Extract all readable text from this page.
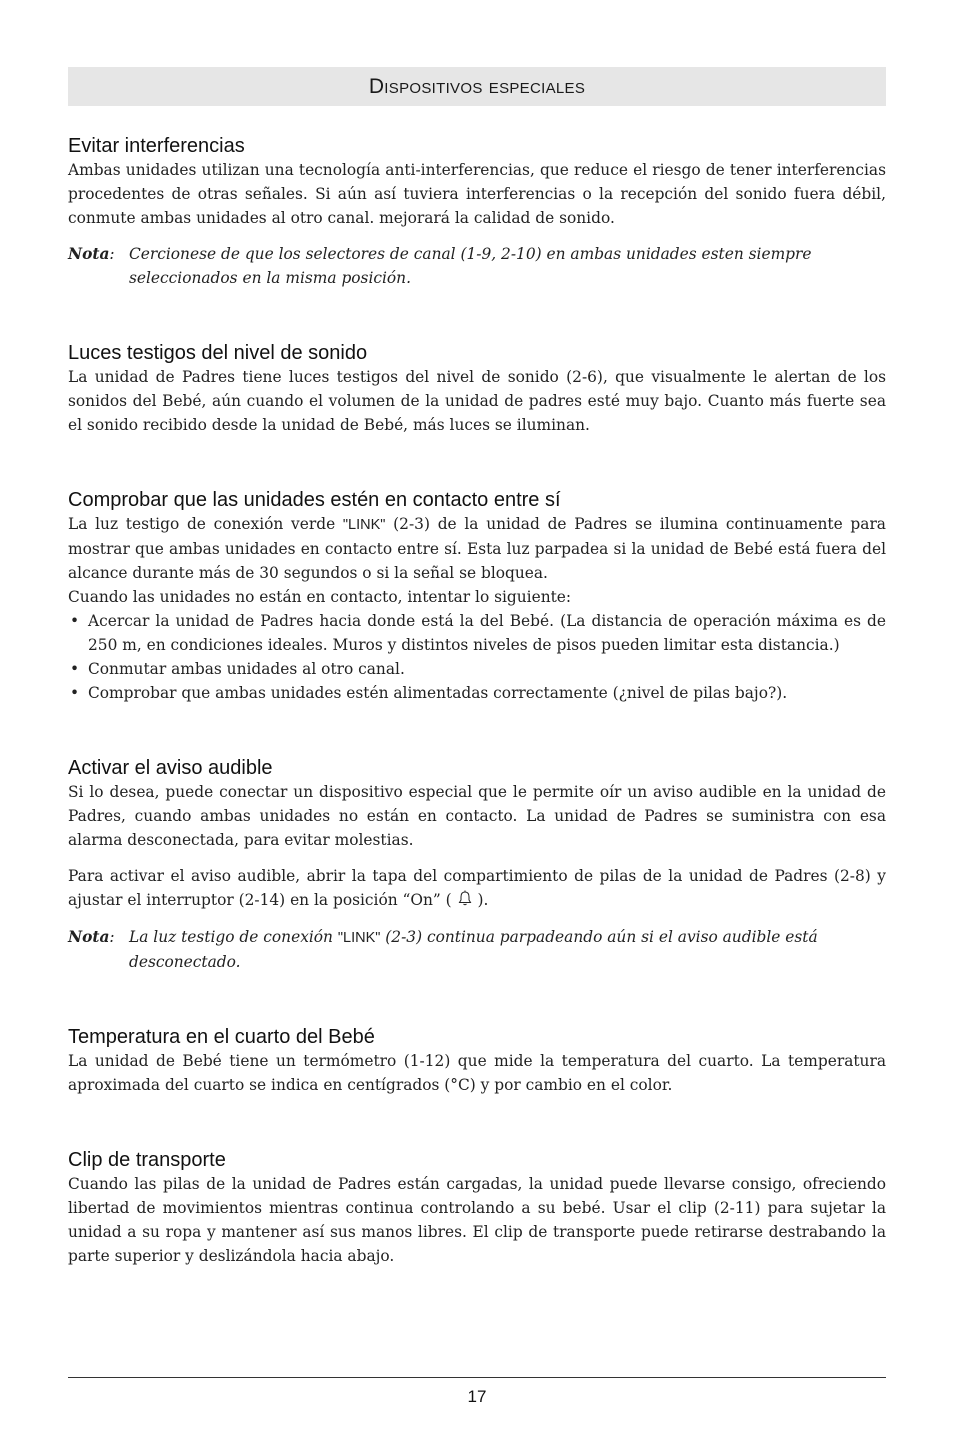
Dispositivos especiales
Evitar interferencias

Ambas unidades utilizan una tecnología anti-interferencias, que reduce el riesgo de tener interferencias procedentes de otras señales. Si aún así tuviera interferencias o la recepción del sonido fuera débil, conmute ambas unidades al otro canal. mejorará la calidad de sonido.

Nota: Cercionese de que los selectores de canal (1-9, 2-10) en ambas unidades esten siempre seleccionados en la misma posición.
Luces testigos del nivel de sonido

La unidad de Padres tiene luces testigos del nivel de sonido (2-6), que visualmente le alertan de los sonidos del Bebé, aún cuando el volumen de la unidad de padres esté muy bajo. Cuanto más fuerte sea el sonido recibido desde la unidad de Bebé, más luces se iluminan.

Comprobar que las unidades estén en contacto entre sí

La luz testigo de conexión verde "LINK" (2-3) de la unidad de Padres se ilumina continuamente para mostrar que ambas unidades en contacto entre sí. Esta luz parpadea si la unidad de Bebé está fuera del alcance durante más de 30 segundos o si la señal se bloquea.

Cuando las unidades no están en contacto, intentar lo siguiente:

• Acercar la unidad de Padres hacia donde está la del Bebé. (La distancia de operación máxima es de 250 m, en condiciones ideales. Muros y distintos niveles de pisos pueden limitar esta distancia.)
• Conmutar ambas unidades al otro canal.
• Comprobar que ambas unidades estén alimentadas correctamente (¿nivel de pilas bajo?).
Activar el aviso audible

Si lo desea, puede conectar un dispositivo especial que le permite oír un aviso audible en la unidad de Padres, cuando ambas unidades no están en contacto. La unidad de Padres se suministra con esa alarma desconectada, para evitar molestias.

Para activar el aviso audible, abrir la tapa del compartimiento de pilas de la unidad de Padres (2-8) y ajustar el interruptor (2-14) en la posición “On” (  ).

Nota: La luz testigo de conexión "LINK" (2-3) continua parpadeando aún si el aviso audible está desconectado.
Temperatura en el cuarto del Bebé

La unidad de Bebé tiene un termómetro (1-12) que mide la temperatura del cuarto. La temperatura aproximada del cuarto se indica en centígrados (°C) y por cambio en el color.

Clip de transporte

Cuando las pilas de la unidad de Padres están cargadas, la unidad puede llevarse consigo, ofreciendo libertad de movimientos mientras continua controlando a su bebé. Usar el clip (2-11) para sujetar la unidad a su ropa y mantener así sus manos libres. El clip de transporte puede retirarse destrabando la parte superior y deslizándola hacia abajo.

17
